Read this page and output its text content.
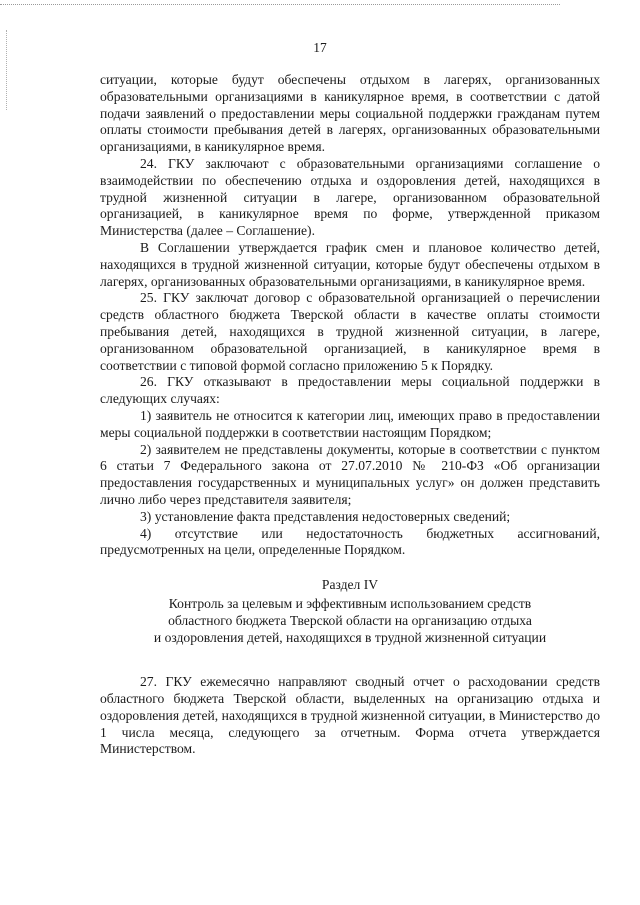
17

ситуации, которые будут обеспечены отдыхом в лагерях, организованных образовательными организациями в каникулярное время, в соответствии с датой подачи заявлений о предоставлении меры социальной поддержки гражданам путем оплаты стоимости пребывания детей в лагерях, организованных образовательными организациями, в каникулярное время.

24. ГКУ заключают с образовательными организациями соглашение о взаимодействии по обеспечению отдыха и оздоровления детей, находящихся в трудной жизненной ситуации в лагере, организованном образовательной организацией, в каникулярное время по форме, утвержденной приказом Министерства (далее – Соглашение).

В Соглашении утверждается график смен и плановое количество детей, находящихся в трудной жизненной ситуации, которые будут обеспечены отдыхом в лагерях, организованных образовательными организациями, в каникулярное время.

25. ГКУ заключат договор с образовательной организацией о перечислении средств областного бюджета Тверской области в качестве оплаты стоимости пребывания детей, находящихся в трудной жизненной ситуации, в лагере, организованном образовательной организацией, в каникулярное время в соответствии с типовой формой согласно приложению 5 к Порядку.

26. ГКУ отказывают в предоставлении меры социальной поддержки в следующих случаях:

1) заявитель не относится к категории лиц, имеющих право в предоставлении меры социальной поддержки в соответствии настоящим Порядком;

2) заявителем не представлены документы, которые в соответствии с пунктом 6 статьи 7 Федерального закона от 27.07.2010 № 210-ФЗ «Об организации предоставления государственных и муниципальных услуг» он должен представить лично либо через представителя заявителя;

3) установление факта представления недостоверных сведений;

4) отсутствие или недостаточность бюджетных ассигнований, предусмотренных на цели, определенные Порядком.

Раздел IV

Контроль за целевым и эффективным использованием средств

областного бюджета Тверской области на организацию отдыха

и оздоровления детей, находящихся в трудной жизненной ситуации

27. ГКУ ежемесячно направляют сводный отчет о расходовании средств областного бюджета Тверской области, выделенных на организацию отдыха и оздоровления детей, находящихся в трудной жизненной ситуации, в Министерство до 1 числа месяца, следующего за отчетным. Форма отчета утверждается Министерством.
